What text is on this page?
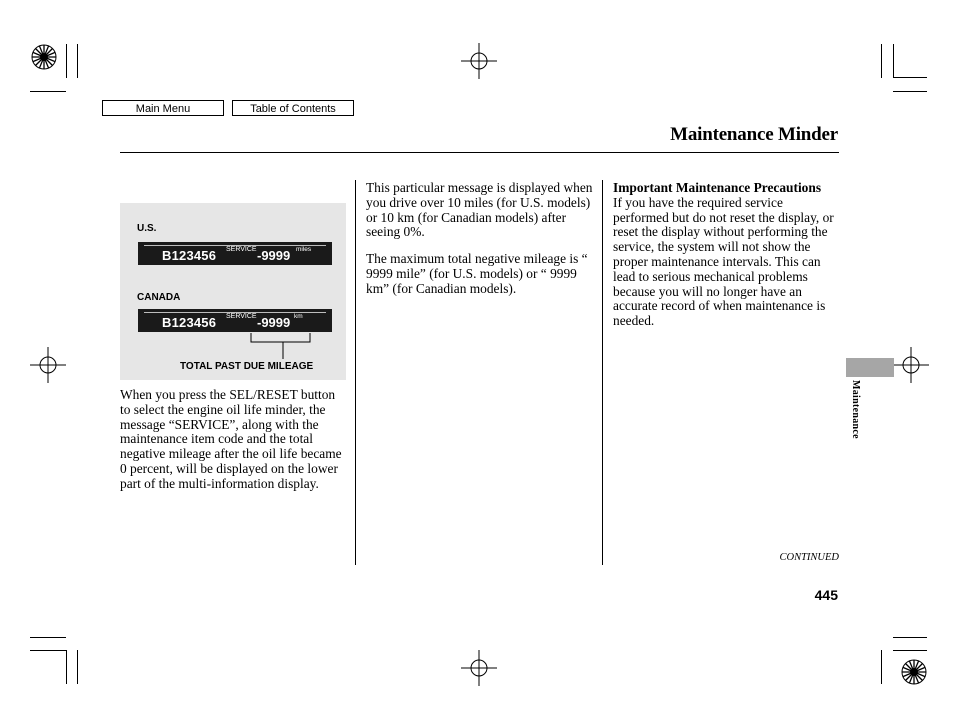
Main Menu	Table of Contents
Maintenance Minder
U.S.
B123456 SERVICE -9999 miles
CANADA
B123456 SERVICE -9999 km
TOTAL PAST DUE MILEAGE

When you press the SEL/RESET button to select the engine oil life minder, the message “SERVICE”, along with the maintenance item code and the total negative mileage after the oil life became 0 percent, will be displayed on the lower part of the multi-information display.

This particular message is displayed when you drive over 10 miles (for U.S. models) or 10 km (for Canadian models) after seeing 0%.

The maximum total negative mileage is “ 9999 mile” (for U.S. models) or “ 9999 km” (for Canadian models).

Important Maintenance Precautions

If you have the required service performed but do not reset the display, or reset the display without performing the service, the system will not show the proper maintenance intervals. This can lead to serious mechanical problems because you will no longer have an accurate record of when maintenance is needed.

Maintenance
CONTINUED
445
